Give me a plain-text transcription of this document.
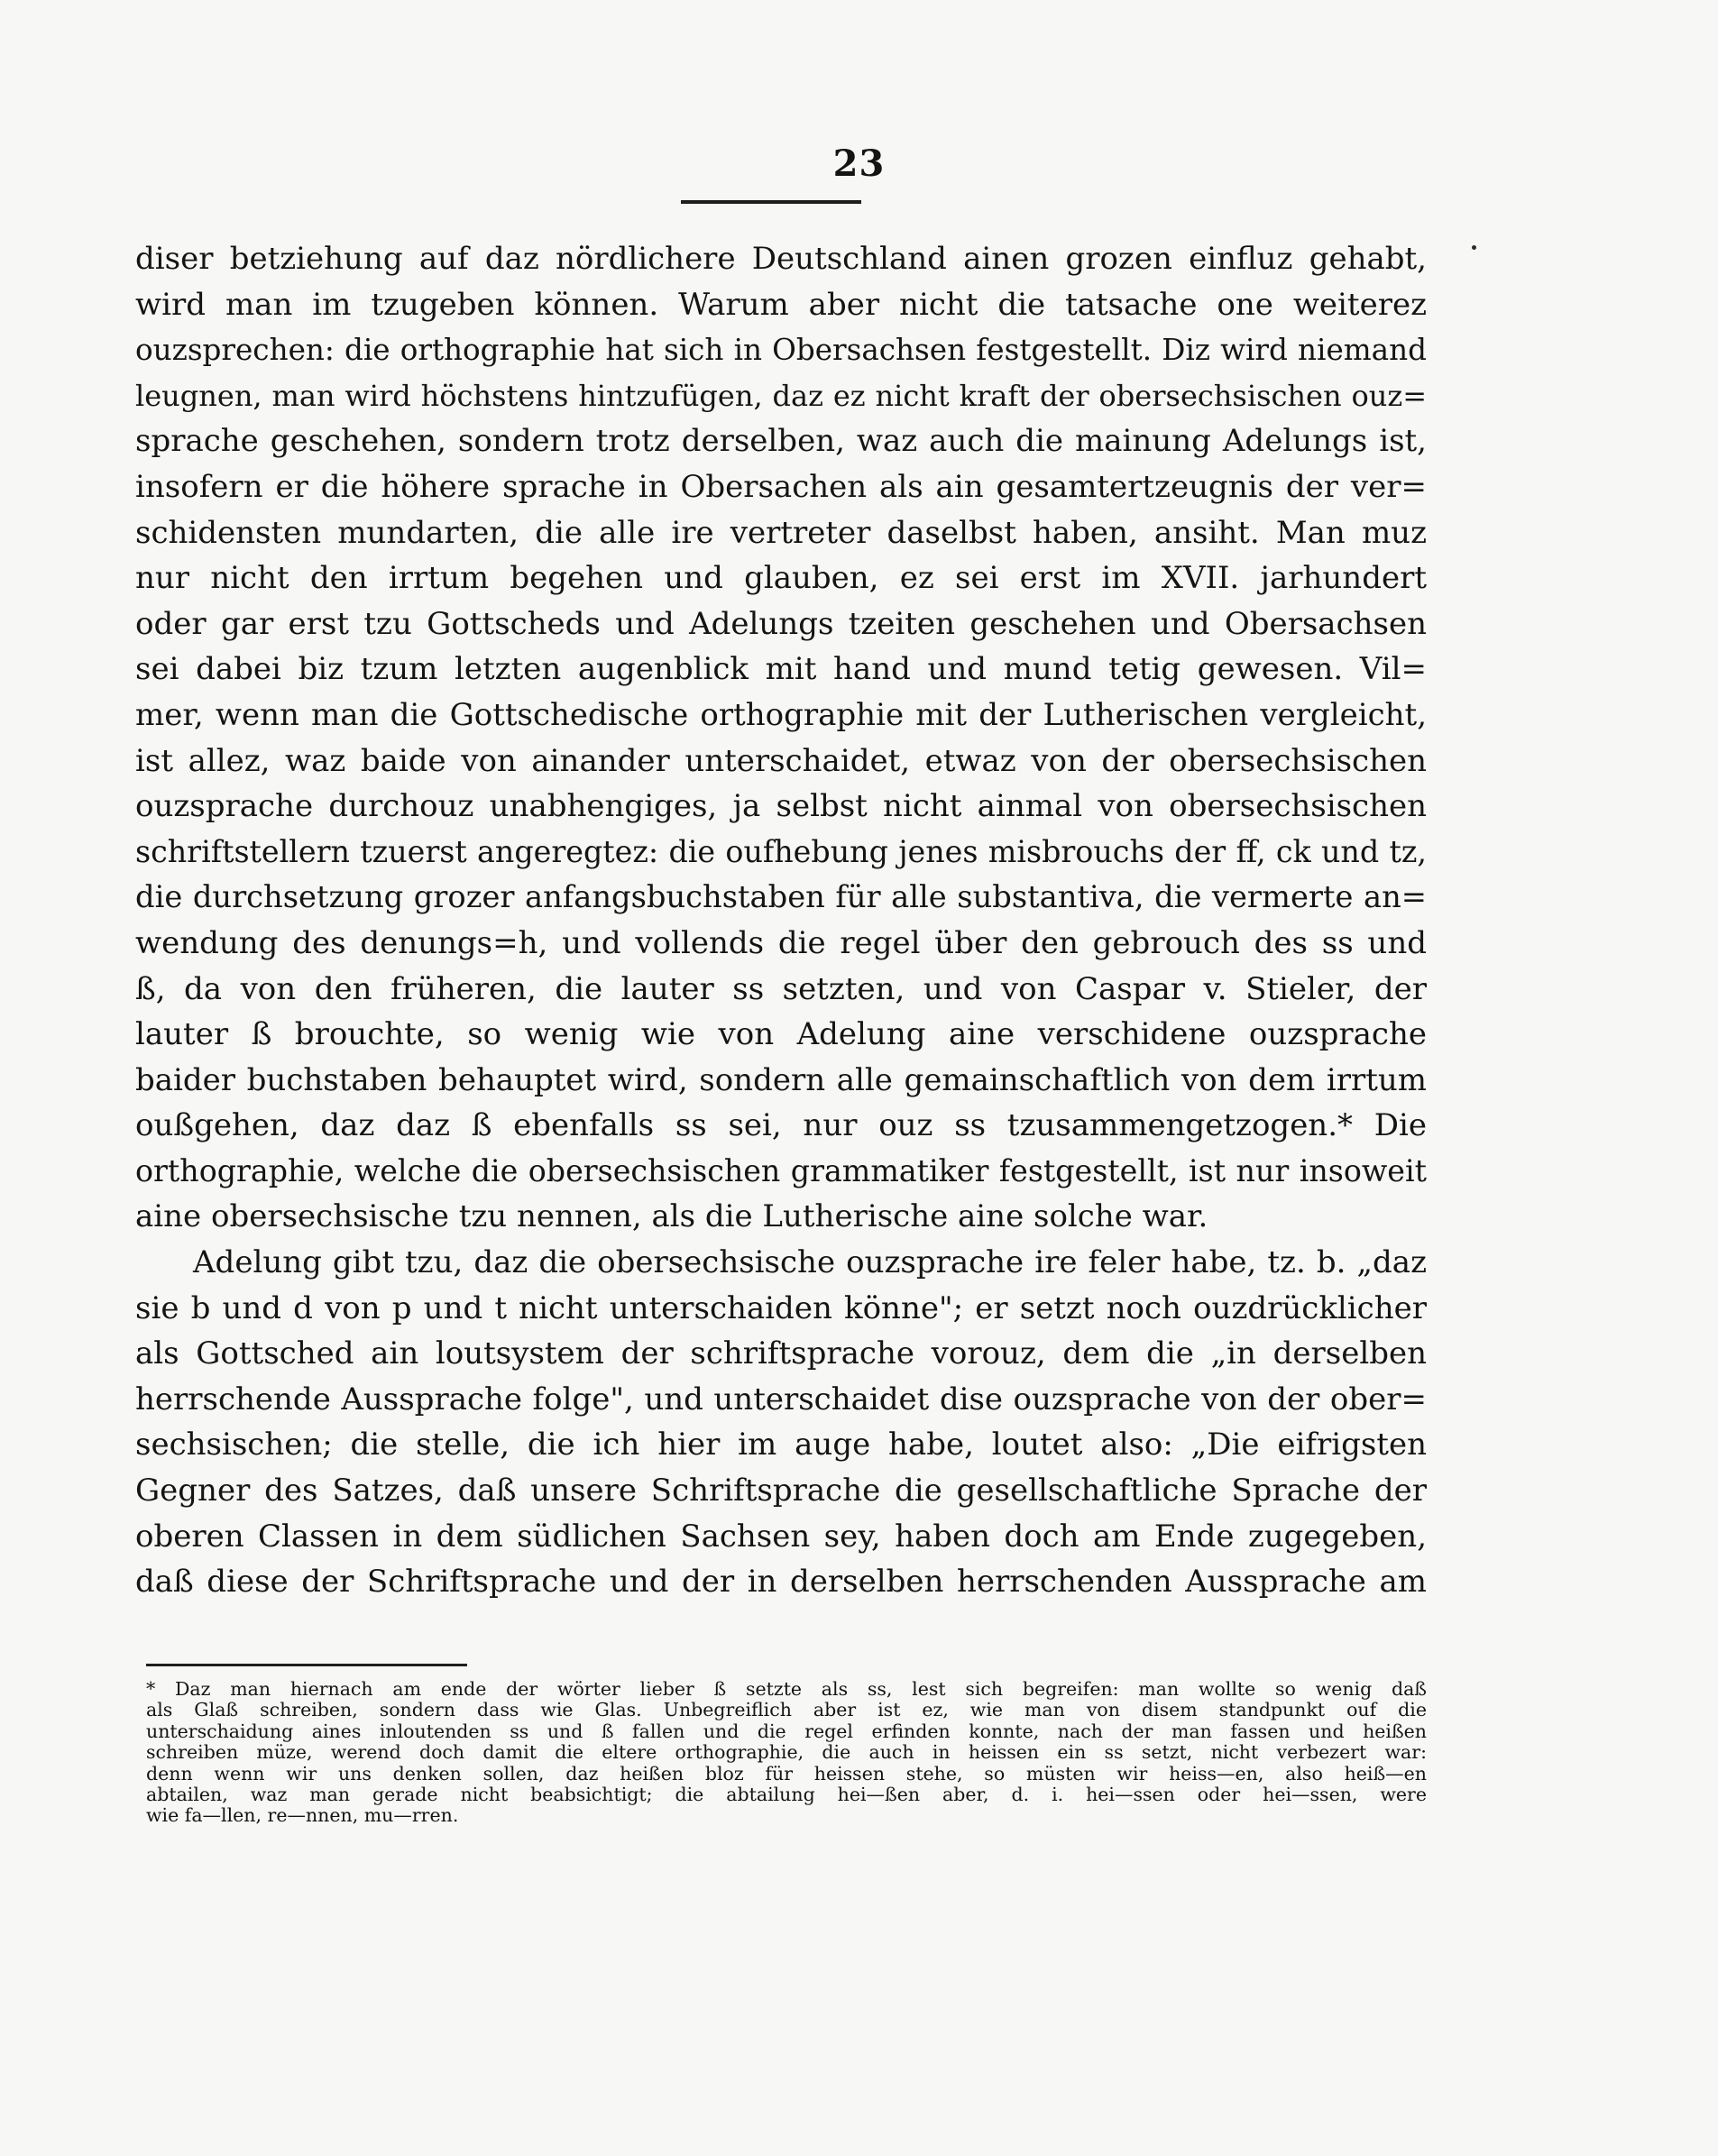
23
diser betziehung auf daz nördlichere Deutschland ainen grozen einfluz gehabt,
wird man im tzugeben können. Warum aber nicht die tatsache one weiterez
ouzsprechen: die orthographie hat sich in Obersachsen festgestellt. Diz wird niemand
leugnen, man wird höchstens hintzufügen, daz ez nicht kraft der obersechsischen ouz=
sprache geschehen, sondern trotz derselben, waz auch die mainung Adelungs ist,
insofern er die höhere sprache in Obersachen als ain gesamtertzeugnis der ver=
schidensten mundarten, die alle ire vertreter daselbst haben, ansiht. Man muz
nur nicht den irrtum begehen und glauben, ez sei erst im XVII. jarhundert
oder gar erst tzu Gottscheds und Adelungs tzeiten geschehen und Obersachsen
sei dabei biz tzum letzten augenblick mit hand und mund tetig gewesen. Vil=
mer, wenn man die Gottschedische orthographie mit der Lutherischen vergleicht,
ist allez, waz baide von ainander unterschaidet, etwaz von der obersechsischen
ouzsprache durchouz unabhengiges, ja selbst nicht ainmal von obersechsischen
schriftstellern tzuerst angeregtez: die oufhebung jenes misbrouchs der ff, ck und tz,
die durchsetzung grozer anfangsbuchstaben für alle substantiva, die vermerte an=
wendung des denungs=h, und vollends die regel über den gebrouch des ss und
ß, da von den früheren, die lauter ss setzten, und von Caspar v. Stieler, der
lauter ß brouchte, so wenig wie von Adelung aine verschidene ouzsprache
baider buchstaben behauptet wird, sondern alle gemainschaftlich von dem irrtum
oußgehen, daz daz ß ebenfalls ss sei, nur ouz ss tzusammengetzogen.* Die
orthographie, welche die obersechsischen grammatiker festgestellt, ist nur insoweit
aine obersechsische tzu nennen, als die Lutherische aine solche war.
Adelung gibt tzu, daz die obersechsische ouzsprache ire feler habe, tz. b. „daz
sie b und d von p und t nicht unterschaiden könne"; er setzt noch ouzdrücklicher
als Gottsched ain loutsystem der schriftsprache vorouz, dem die „in derselben
herrschende Aussprache folge", und unterschaidet dise ouzsprache von der ober=
sechsischen; die stelle, die ich hier im auge habe, loutet also: „Die eifrigsten
Gegner des Satzes, daß unsere Schriftsprache die gesellschaftliche Sprache der
oberen Classen in dem südlichen Sachsen sey, haben doch am Ende zugegeben,
daß diese der Schriftsprache und der in derselben herrschenden Aussprache am
* Daz man hiernach am ende der wörter lieber ß setzte als ss, lest sich begreifen: man wollte so wenig daß
als Glaß schreiben, sondern dass wie Glas. Unbegreiflich aber ist ez, wie man von disem standpunkt ouf die
unterschaidung aines inloutenden ss und ß fallen und die regel erfinden konnte, nach der man fassen und heißen
schreiben müze, werend doch damit die eltere orthographie, die auch in heissen ein ss setzt, nicht verbezert war:
denn wenn wir uns denken sollen, daz heißen bloz für heissen stehe, so müsten wir heiss—en, also heiß—en
abtailen, waz man gerade nicht beabsichtigt; die abtailung hei—ßen aber, d. i. hei—ssen oder hei—ssen, were
wie fa—llen, re—nnen, mu—rren.
